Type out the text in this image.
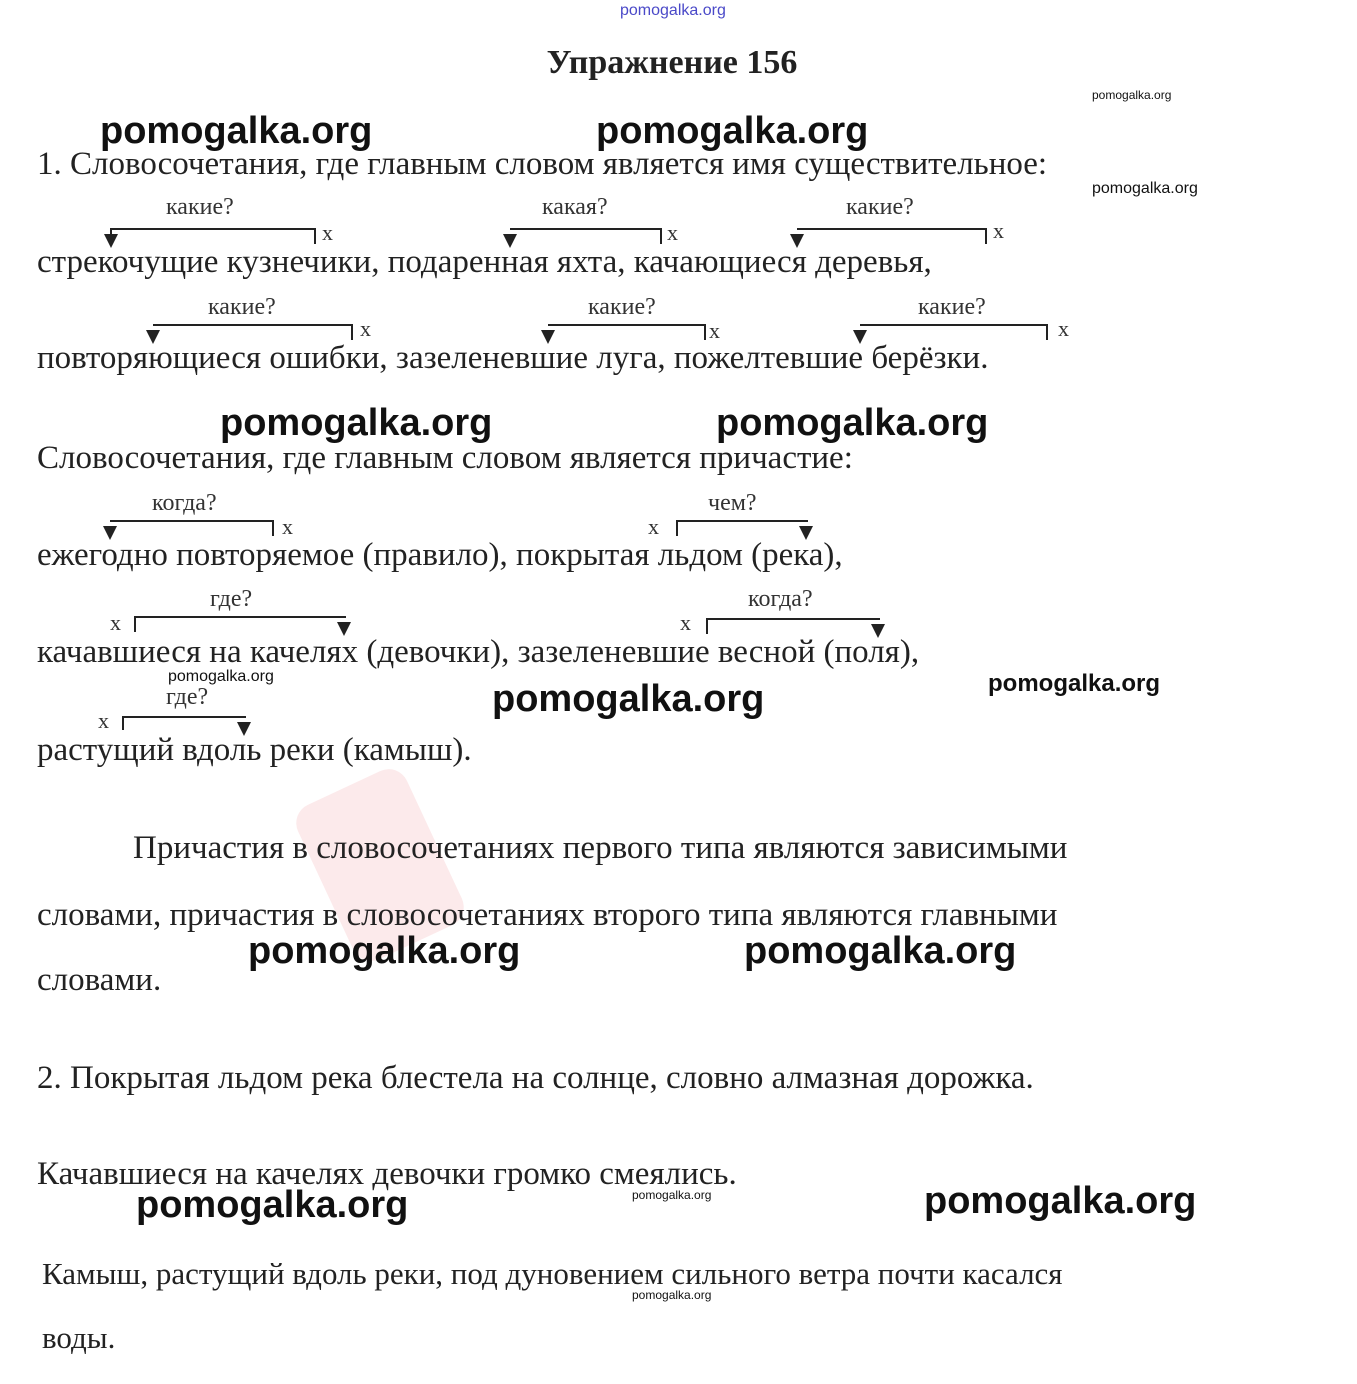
pomogalka.org
Упражнение 156
pomogalka.org
pomogalka.org	pomogalka.org
1. Словосочетания, где главным словом является имя существительное:
pomogalka.org
какие?
x
какая?
x
какие?
x
стрекочущие кузнечики, подаренная яхта, качающиеся деревья,
какие?
x
какие?
x
какие?
x
повторяющиеся ошибки, зазеленевшие луга, пожелтевшие берёзки.
pomogalka.org	pomogalka.org
Словосочетания, где главным словом является причастие:
когда?
x	x
чем?
ежегодно повторяемое (правило), покрытая льдом (река),
x
где?
x
когда?
качавшиеся на качелях (девочки), зазеленевшие весной (поля),
pomogalka.org	pomogalka.org
pomogalka.org
где?
x
растущий вдоль реки (камыш).
Причастия в словосочетаниях первого типа являются зависимыми
словами, причастия в словосочетаниях второго типа являются главными
pomogalka.org	pomogalka.org
словами.
2. Покрытая льдом река блестела на солнце, словно алмазная дорожка.
Качавшиеся на качелях девочки громко смеялись.
pomogalka.org
pomogalka.org	pomogalka.org
Камыш, растущий вдоль реки, под дуновением сильного ветра почти касался
pomogalka.org
воды.
